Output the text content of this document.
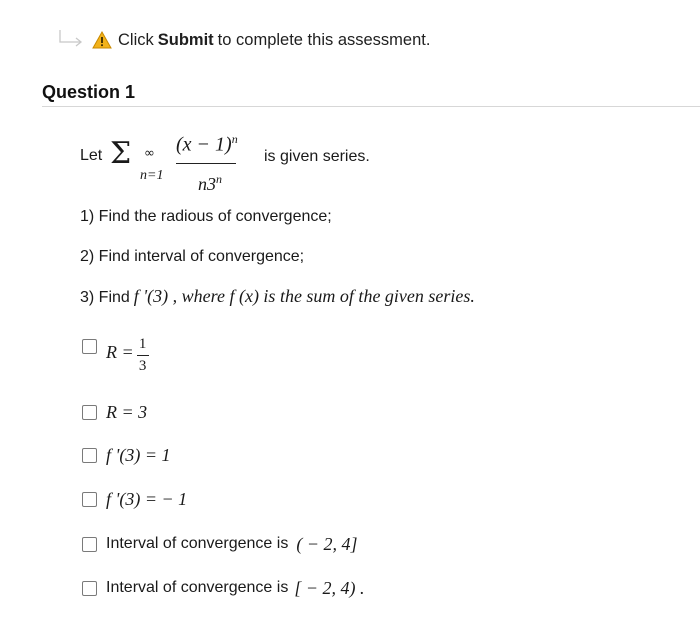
Click Submit to complete this assessment.
Question 1
Let Σ ∞
n=1
$(x - 1)^n$
n3$^n$
is given series.
1) Find the radious of convergence;
2) Find interval of convergence;
3) Find f '(3) , where f (x) is the sum of the given series.
R = 1
3
R = 3
f '(3) = 1
f '(3) = − 1
Interval of convergence is ( − 2, 4]
Interval of convergence is [ − 2, 4) .
